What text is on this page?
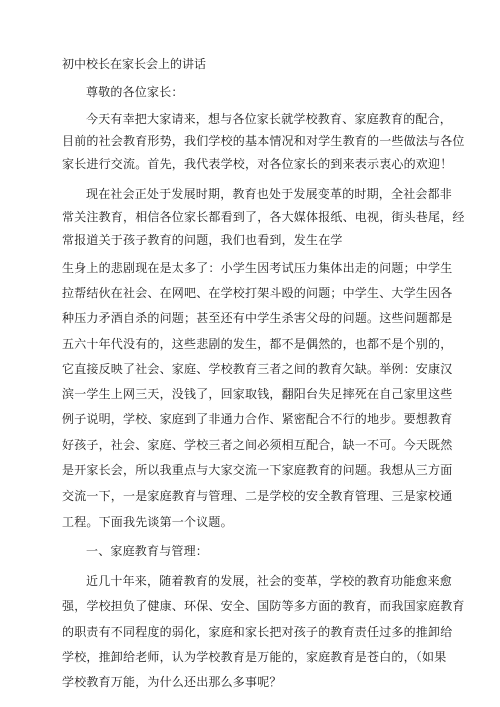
初中校长在家长会上的讲话
尊敬的各位家长：
今天有幸把大家请来，想与各位家长就学校教育、家庭教育的配合，
目前的社会教育形势，我们学校的基本情况和对学生教育的一些做法与各位
家长进行交流。首先，我代表学校，对各位家长的到来表示衷心的欢迎！
现在社会正处于发展时期，教育也处于发展变革的时期，全社会都非
常关注教育，相信各位家长都看到了，各大媒体报纸、电视，街头巷尾，经
常报道关于孩子教育的问题，我们也看到，发生在学
生身上的悲剧现在是太多了：小学生因考试压力集体出走的问题；中学生
拉帮结伙在社会、在网吧、在学校打架斗殴的问题；中学生、大学生因各
种压力矛酒自杀的问题；甚至还有中学生杀害父母的问题。这些问题都是
五六十年代没有的，这些悲剧的发生，都不是偶然的，也都不是个别的，
它直接反映了社会、家庭、学校教育三者之间的教育欠缺。举例：安康汉
滨一学生上网三天，没钱了，回家取钱，翻阳台失足摔死在自己家里这些
例子说明，学校、家庭到了非通力合作、紧密配合不行的地步。要想教育
好孩子，社会、家庭、学校三者之间必须相互配合，缺一不可。今天既然
是开家长会，所以我重点与大家交流一下家庭教育的问题。我想从三方面
交流一下，一是家庭教育与管理、二是学校的安全教育管理、三是家校通
工程。下面我先谈第一个议题。
一、家庭教育与管理：
近几十年来，随着教育的发展，社会的变革，学校的教育功能愈来愈
强，学校担负了健康、环保、安全、国防等多方面的教育，而我国家庭教育
的职责有不同程度的弱化，家庭和家长把对孩子的教育责任过多的推卸给
学校，推卸给老师，认为学校教育是万能的，家庭教育是苍白的，（如果
学校教育万能，为什么还出那么多事呢？
